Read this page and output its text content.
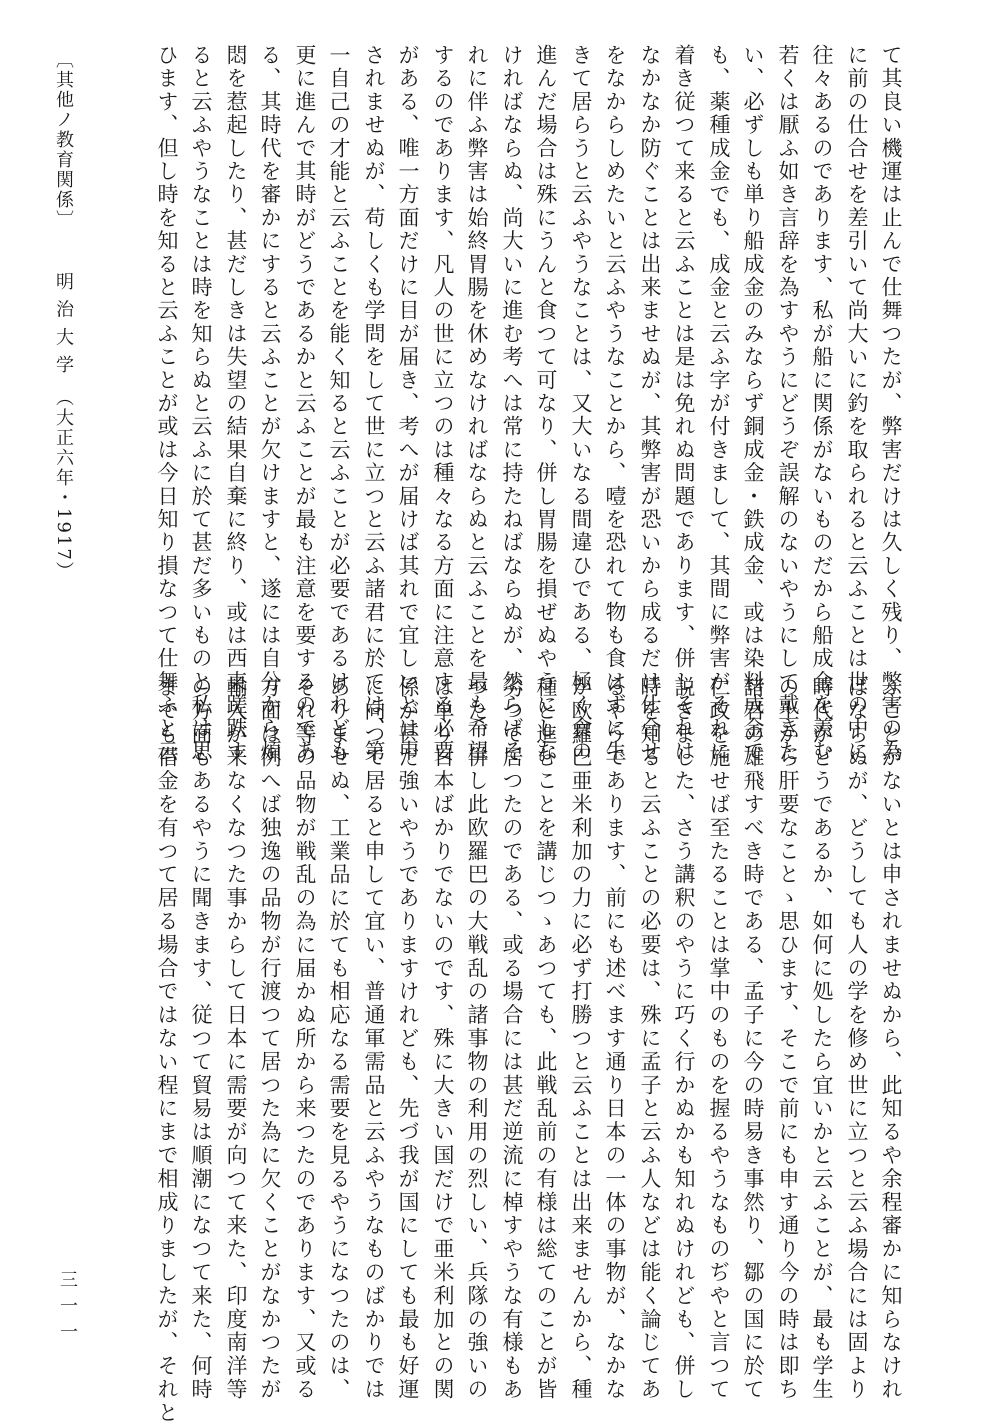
て其良い機運は止んで仕舞つたが、弊害だけは久しく残り、弊害の為

に前の仕合せを差引いて尚大いに釣を取られると云ふことは世の中に

往々あるのであります、私が船に関係がないものだから船成金を羨む

若くは厭ふ如き言辞を為すやうにどうぞ誤解のないやうにして戴きた

い、必ずしも単り船成金のみならず銅成金・鉄成金、或は染料成金で

も、薬種成金でも、成金と云ふ字が付きまして、其間に弊害がそれに

着き従つて来ると云ふことは是は免れぬ問題であります、併しそれは

なかなか防ぐことは出来ませぬが、其弊害が恐いから成るだけ仕合せ

をなからしめたいと云ふやうなことから、噎を恐れて物も食はずに生

きて居らうと云ふやうなことは、又大いなる間違ひである、極く食の

進んだ場合は殊にうんと食つて可なり、併し胃腸を損ぜぬやうにしな

ければならぬ、尚大いに進む考へは常に持たねばならぬが、然らばそ

れに伴ふ弊害は始終胃腸を休めなければならぬと云ふことを最も希望

するのであります、凡人の世に立つのは種々なる方面に注意する必要

がある、唯一方面だけに目が届き、考へが届けば其れで宜しいとは申

されませぬが、苟しくも学問をして世に立つと云ふ諸君に於ては、第

一自己の才能と云ふことを能く知ると云ふことが必要であるけれども

更に進んで其時がどうであるかと云ふことが最も注意を要するのであ

る、其時代を審かにすると云ふことが欠けますと、遂には自分から煩

悶を惹起したり、甚だしきは失望の結果自棄に終り、或は西東蹉跌す

ると云ふやうなことは時を知らぬと云ふに於て甚だ多いものと私は思

ひます、但し時を知ると云ふことが或は今日知り損なつて仕舞ふと云

ふことがないとは申されませぬから、此知るや余程審かに知らなけれ

ばならぬが、どうしても人の学を修め世に立つと云ふ場合には固より

時代がどうであるか、如何に処したら宜いかと云ふことが、最も学生

の上から肝要なことゝ思ひます、そこで前にも申す通り今の時は即ち

諸君の雄飛すべき時である、孟子に今の時易き事然り、鄒の国に於て

仁政を施せば至たることは掌中のものを握るやうなものぢやと言つて

説きました、さう講釈のやうに巧く行かぬかも知れぬけれども、併し

時を知ると云ふことの必要は、殊に孟子と云ふ人などは能く論じてあ

るやうであります、前にも述べます通り日本の一体の事物が、なかな

か欧羅巴亜米利加の力に必ず打勝つと云ふことは出来ませんから、種

種と進むことを講じつゝあつても、此戦乱前の有様は総てのことが皆

劣つて居つたのである、或る場合には甚だ逆流に棹すやうな有様もあ

つた、併し此欧羅巴の大戦乱の諸事物の利用の烈しい、兵隊の強いの

は単り日本ばかりでないのです、殊に大きい国だけで亜米利加との関

係が甚だ強いやうでありますけれども、先づ我が国にしても最も好運

に向つて居ると申して宜い、普通軍需品と云ふやうなものばかりでは

ありませぬ、工業品に於ても相応なる需要を見るやうになつたのは、

それ等の品物が戦乱の為に届かぬ所から来つたのであります、又或る

方面は例へば独逸の品物が行渡つて居つた為に欠くことがなかつたが

輸入が来なくなつた事からして日本に需要が向つて来た、印度南洋等

の方面もあるやうに聞きます、従つて貿易は順潮になつて来た、何時

までも借金を有つて居る場合ではない程にまで相成りましたが、それと

〔其他ノ教育関係〕
明 治 大 学
（大正六年・1917）
三一一
